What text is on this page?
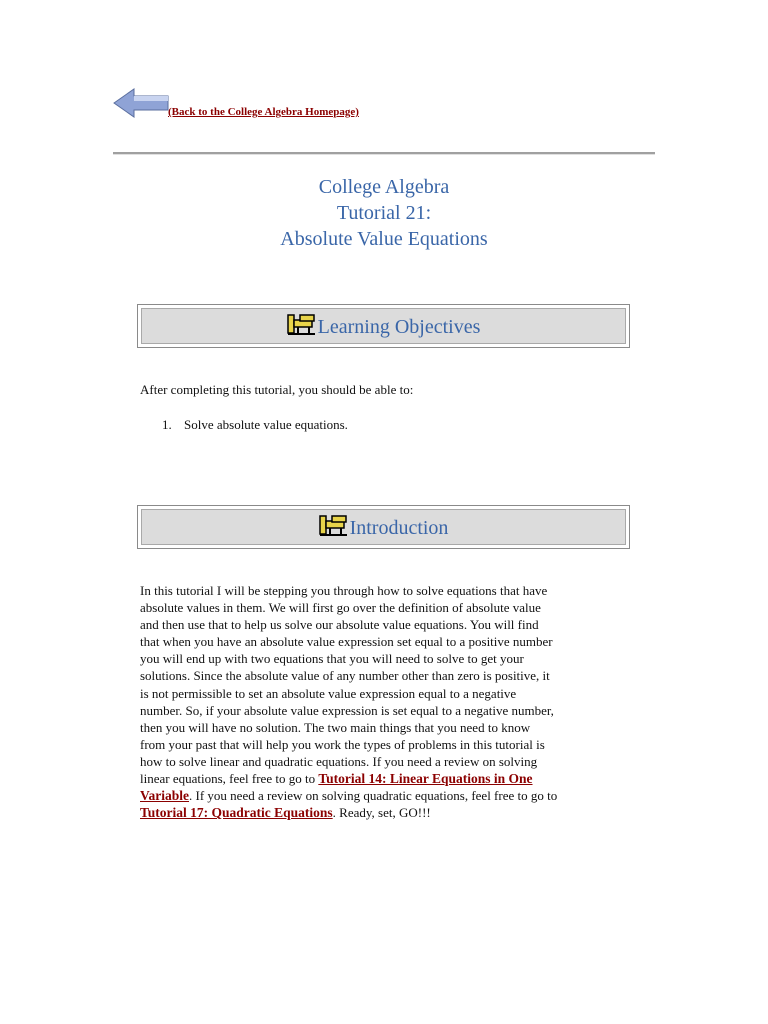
(Back to the College Algebra Homepage)
College Algebra
Tutorial 21:
Absolute Value Equations
Learning Objectives
After completing this tutorial, you should be able to:
1. Solve absolute value equations.
Introduction
In this tutorial I will be stepping you through how to solve equations that have
absolute values in them. We will first go over the definition of absolute value
and then use that to help us solve our absolute value equations. You will find
that when you have an absolute value expression set equal to a positive number
you will end up with two equations that you will need to solve to get your
solutions. Since the absolute value of any number other than zero is positive, it
is not permissible to set an absolute value expression equal to a negative
number. So, if your absolute value expression is set equal to a negative number,
then you will have no solution. The two main things that you need to know
from your past that will help you work the types of problems in this tutorial is
how to solve linear and quadratic equations. If you need a review on solving
linear equations, feel free to go to Tutorial 14: Linear Equations in One
Variable. If you need a review on solving quadratic equations, feel free to go to
Tutorial 17: Quadratic Equations. Ready, set, GO!!!
